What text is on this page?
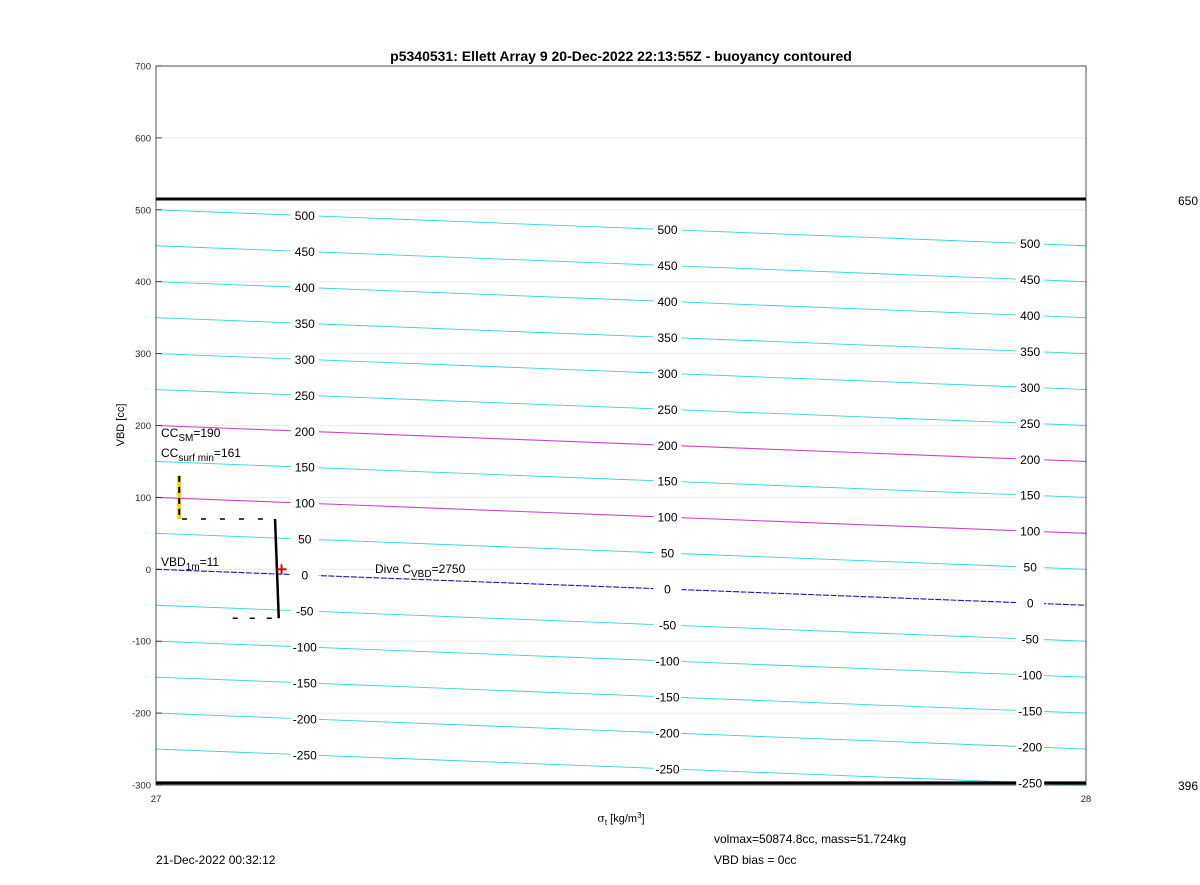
-300
-200
-100
0
100
200
300
400
500
600
700
27	28
500
450
400
350
300
250
200
150
100
50
0
-50
-100
-150
-200
-250
500
450
400
350
300
250
200
150
100
50
0
-50
-100
-150
-200
-250
500
450
400
350
300
250
200
150
100
50
0
-50
-100
-150
-200
-250
p5340531: Ellett Array 9 20-Dec-2022 22:13:55Z - buoyancy contoured
VBD [cc]
$\sigma_t$ $[kg/m^3]$
650
396
$CC_{SM}=190$
$CC_{surf min}=161$
$VBD_{1m}=11$	Dive $C_{VBD}=2750$
21-Dec-2022 00:32:12
volmax=50874.8cc, mass=51.724kg
VBD bias = 0cc
